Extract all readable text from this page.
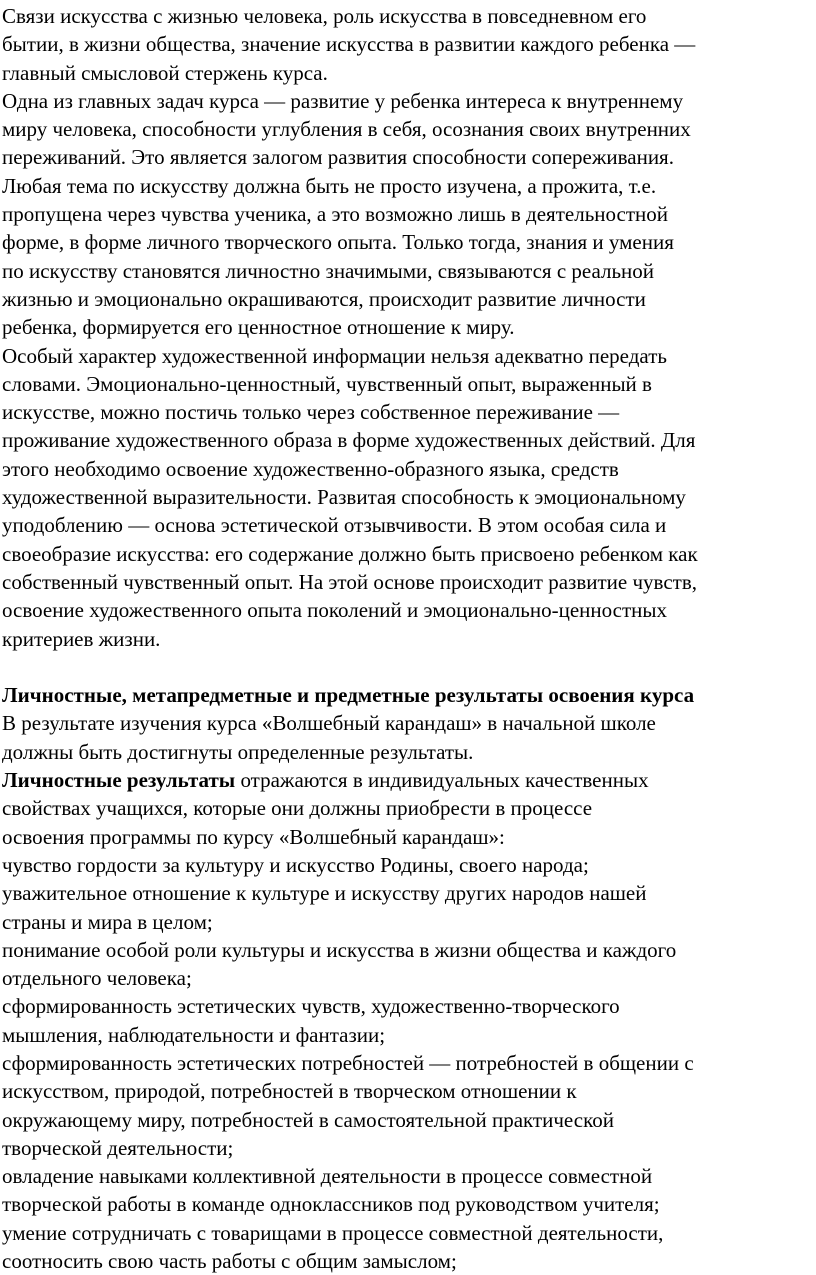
Связи искусства с жизнью человека, роль искусства в повседневном его
бытии, в жизни общества, значение искусства в развитии каждого ребенка —
главный смысловой стержень курса.

Одна из главных задач курса — развитие у ребенка интереса к внутреннему
миру человека, способности углубления в себя, осознания своих внутренних
переживаний. Это является залогом развития способности сопереживания.
Любая тема по искусству должна быть не просто изучена, а прожита, т.е.
пропущена через чувства ученика, а это возможно лишь в деятельностной
форме, в форме личного творческого опыта. Только тогда, знания и умения
по искусству становятся личностно значимыми, связываются с реальной
жизнью и эмоционально окрашиваются, происходит развитие личности
ребенка, формируется его ценностное отношение к миру.

Особый характер художественной информации нельзя адекватно передать
словами. Эмоционально-ценностный, чувственный опыт, выраженный в
искусстве, можно постичь только через собственное переживание —
проживание художественного образа в форме художественных действий. Для
этого необходимо освоение художественно-образного языка, средств
художественной выразительности. Развитая способность к эмоциональному
уподоблению — основа эстетической отзывчивости. В этом особая сила и
своеобразие искусства: его содержание должно быть присвоено ребенком как
собственный чувственный опыт. На этой основе происходит развитие чувств,
освоение художественного опыта поколений и эмоционально-ценностных
критериев жизни.

Личностные, метапредметные и предметные результаты освоения курса

В результате изучения курса «Волшебный карандаш» в начальной школе
должны быть достигнуты определенные результаты.

Личностные результаты отражаются в индивидуальных качественных
свойствах учащихся, которые они должны приобрести в процессе
освоения программы по курсу «Волшебный карандаш»:

чувство гордости за культуру и искусство Родины, своего народа;

уважительное отношение к культуре и искусству других народов нашей
страны и мира в целом;

понимание особой роли культуры и искусства в жизни общества и каждого
отдельного человека;

сформированность эстетических чувств, художественно-творческого
мышления, наблюдательности и фантазии;

сформированность эстетических потребностей — потребностей в общении с
искусством, природой, потребностей в творческом отношении к
окружающему миру, потребностей в самостоятельной практической
творческой деятельности;

овладение навыками коллективной деятельности в процессе совместной
творческой работы в команде одноклассников под руководством учителя;

умение сотрудничать с товарищами в процессе совместной деятельности,
соотносить свою часть работы с общим замыслом;
